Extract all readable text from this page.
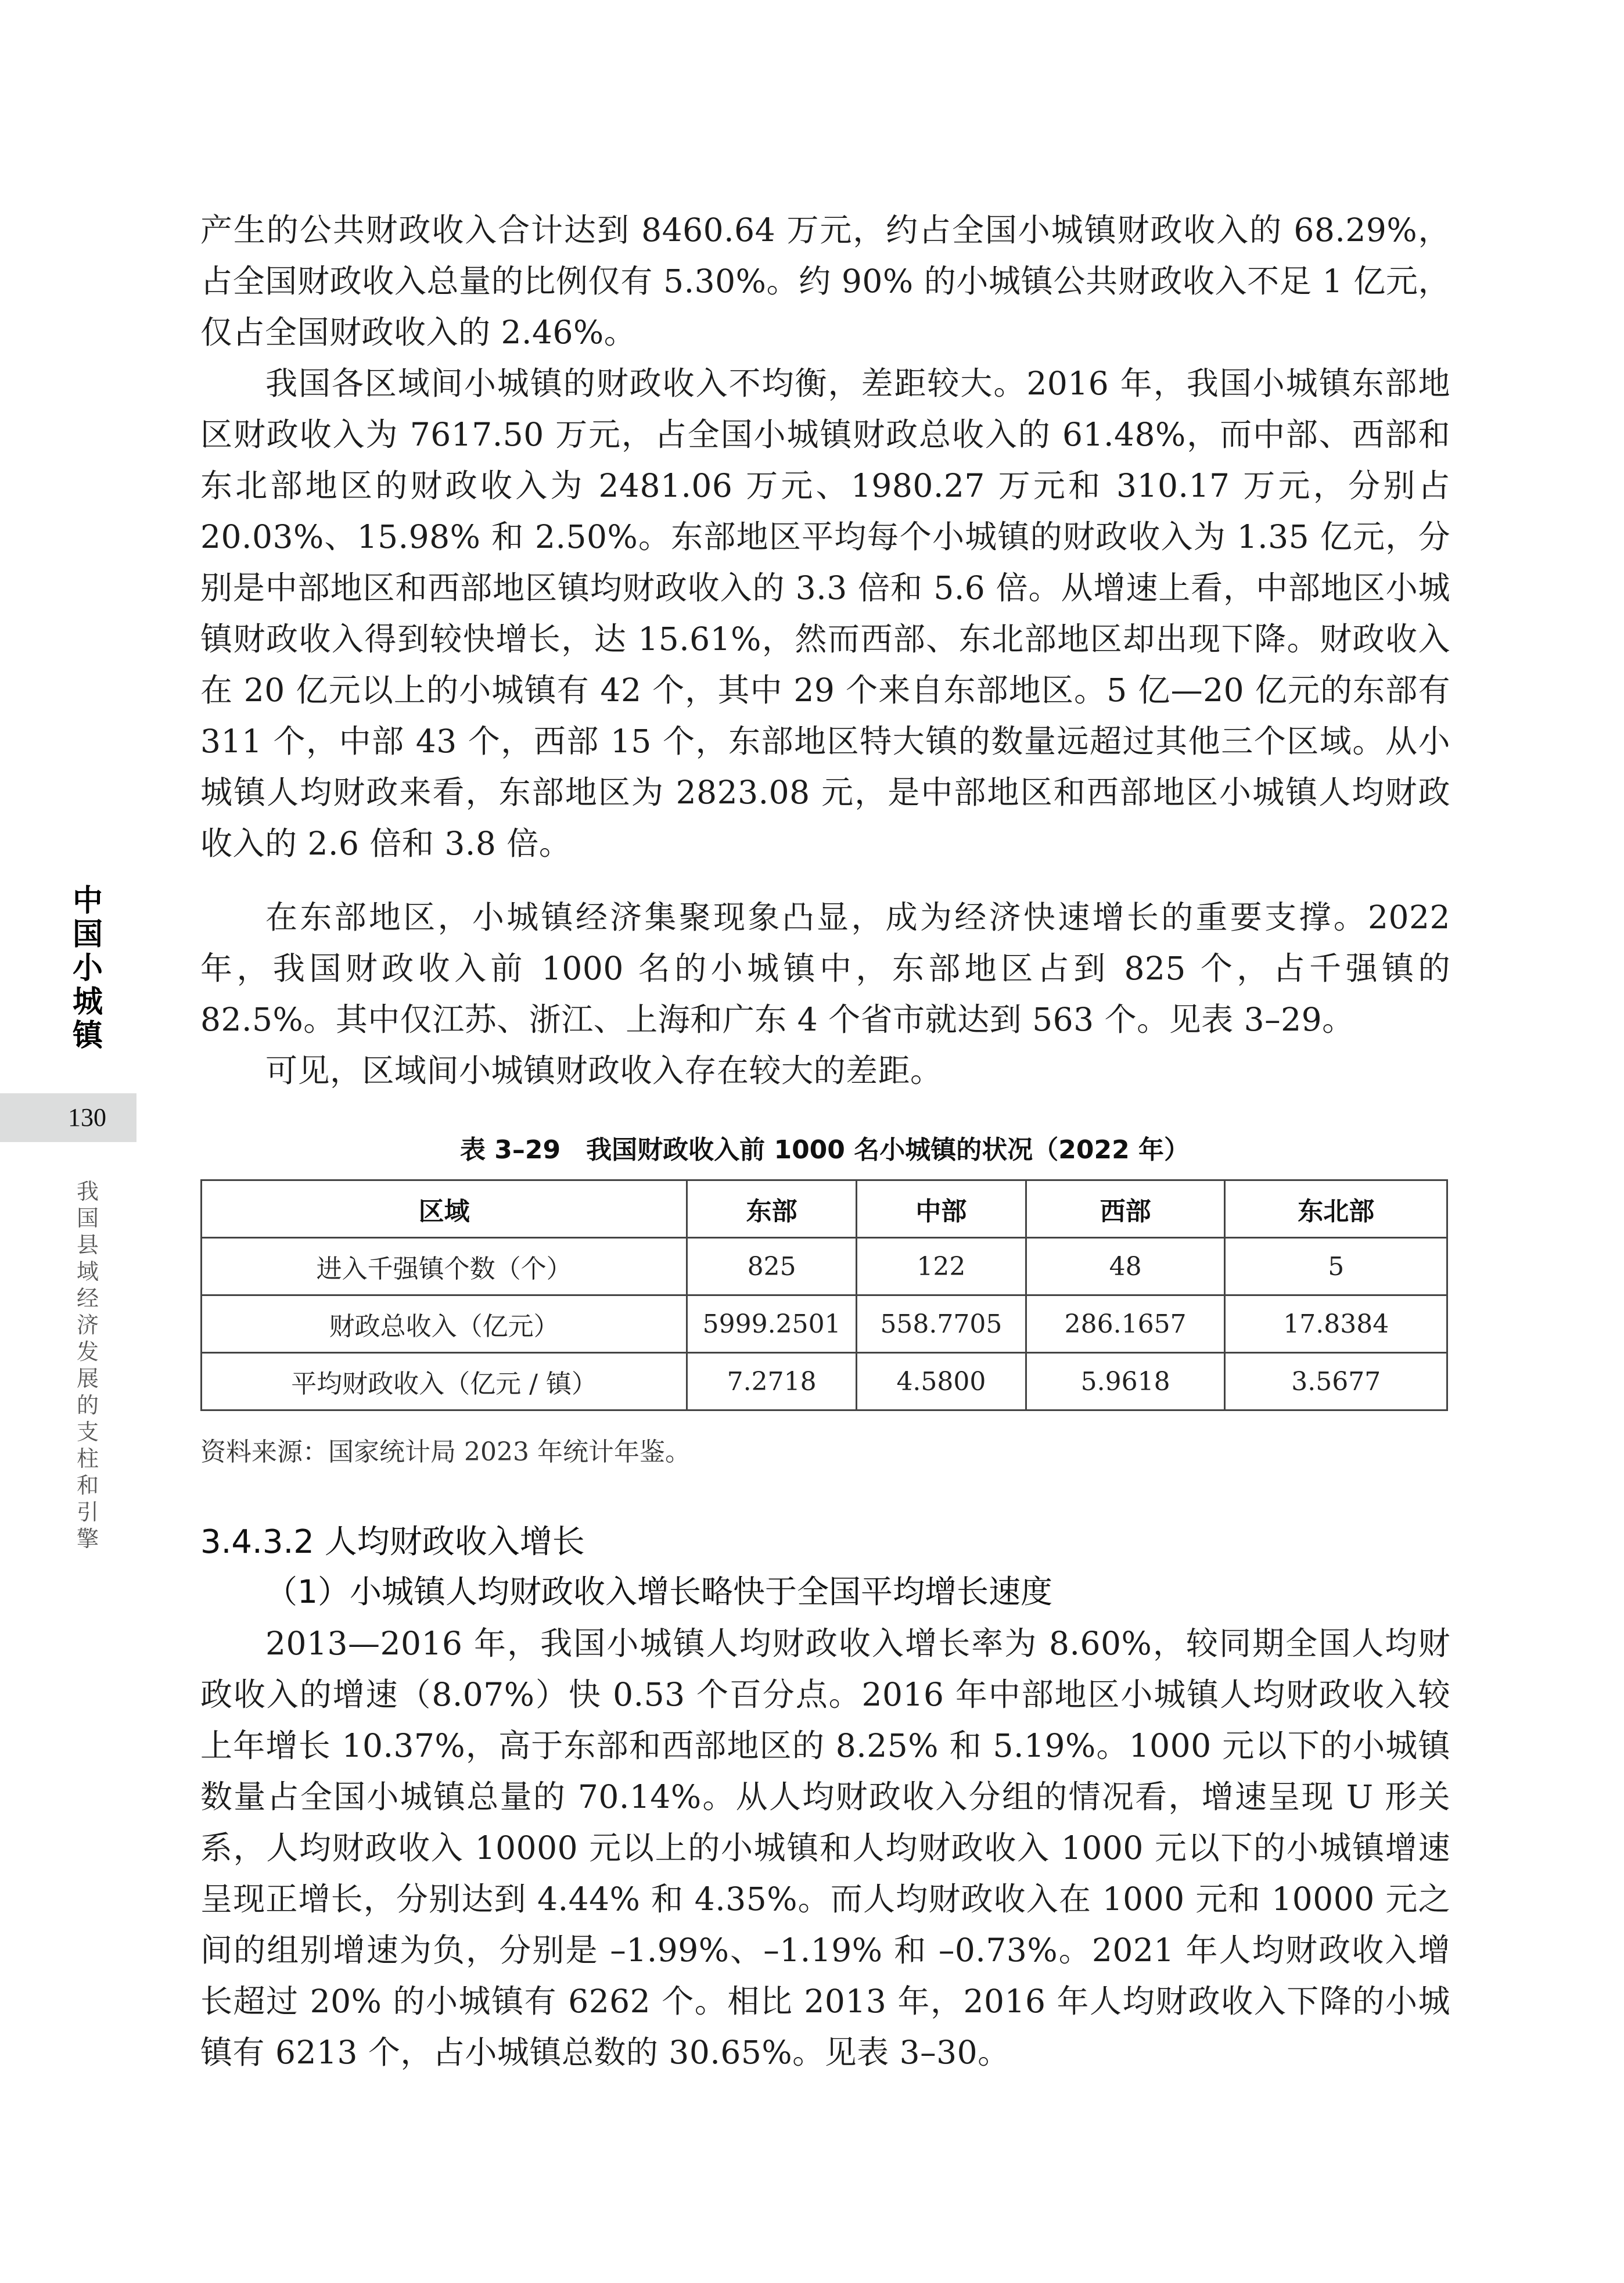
中国小城镇
130
我国县域经济发展的支柱和引擎

产生的公共财政收入合计达到 8460.64 万元，约占全国小城镇财政收入的 68.29%，占全国财政收入总量的比例仅有 5.30%。约 90% 的小城镇公共财政收入不足 1 亿元，仅占全国财政收入的 2.46%。

我国各区域间小城镇的财政收入不均衡，差距较大。2016 年，我国小城镇东部地区财政收入为 7617.50 万元，占全国小城镇财政总收入的 61.48%，而中部、西部和东北部地区的财政收入为 2481.06 万元、1980.27 万元和 310.17 万元，分别占 20.03%、15.98% 和 2.50%。东部地区平均每个小城镇的财政收入为 1.35 亿元，分别是中部地区和西部地区镇均财政收入的 3.3 倍和 5.6 倍。从增速上看，中部地区小城镇财政收入得到较快增长，达 15.61%，然而西部、东北部地区却出现下降。财政收入在 20 亿元以上的小城镇有 42 个，其中 29 个来自东部地区。5 亿—20 亿元的东部有 311 个，中部 43 个，西部 15 个，东部地区特大镇的数量远超过其他三个区域。从小城镇人均财政来看，东部地区为 2823.08 元，是中部地区和西部地区小城镇人均财政收入的 2.6 倍和 3.8 倍。

在东部地区，小城镇经济集聚现象凸显，成为经济快速增长的重要支撑。2022 年，我国财政收入前 1000 名的小城镇中，东部地区占到 825 个，占千强镇的 82.5%。其中仅江苏、浙江、上海和广东 4 个省市就达到 563 个。见表 3–29。

可见，区域间小城镇财政收入存在较大的差距。

表 3–29　我国财政收入前 1000 名小城镇的状况（2022 年）
区域	东部	中部	西部	东北部
进入千强镇个数（个）	825	122	48	5
财政总收入（亿元）	5999.2501	558.7705	286.1657	17.8384
平均财政收入（亿元 / 镇）	7.2718	4.5800	5.9618	3.5677
资料来源：国家统计局 2023 年统计年鉴。
3.4.3.2 人均财政收入增长
（1）小城镇人均财政收入增长略快于全国平均增长速度

2013—2016 年，我国小城镇人均财政收入增长率为 8.60%，较同期全国人均财政收入的增速（8.07%）快 0.53 个百分点。2016 年中部地区小城镇人均财政收入较上年增长 10.37%，高于东部和西部地区的 8.25% 和 5.19%。1000 元以下的小城镇数量占全国小城镇总量的 70.14%。从人均财政收入分组的情况看，增速呈现 U 形关系，人均财政收入 10000 元以上的小城镇和人均财政收入 1000 元以下的小城镇增速呈现正增长，分别达到 4.44% 和 4.35%。而人均财政收入在 1000 元和 10000 元之间的组别增速为负，分别是 –1.99%、–1.19% 和 –0.73%。2021 年人均财政收入增长超过 20% 的小城镇有 6262 个。相比 2013 年，2016 年人均财政收入下降的小城镇有 6213 个，占小城镇总数的 30.65%。见表 3–30。
